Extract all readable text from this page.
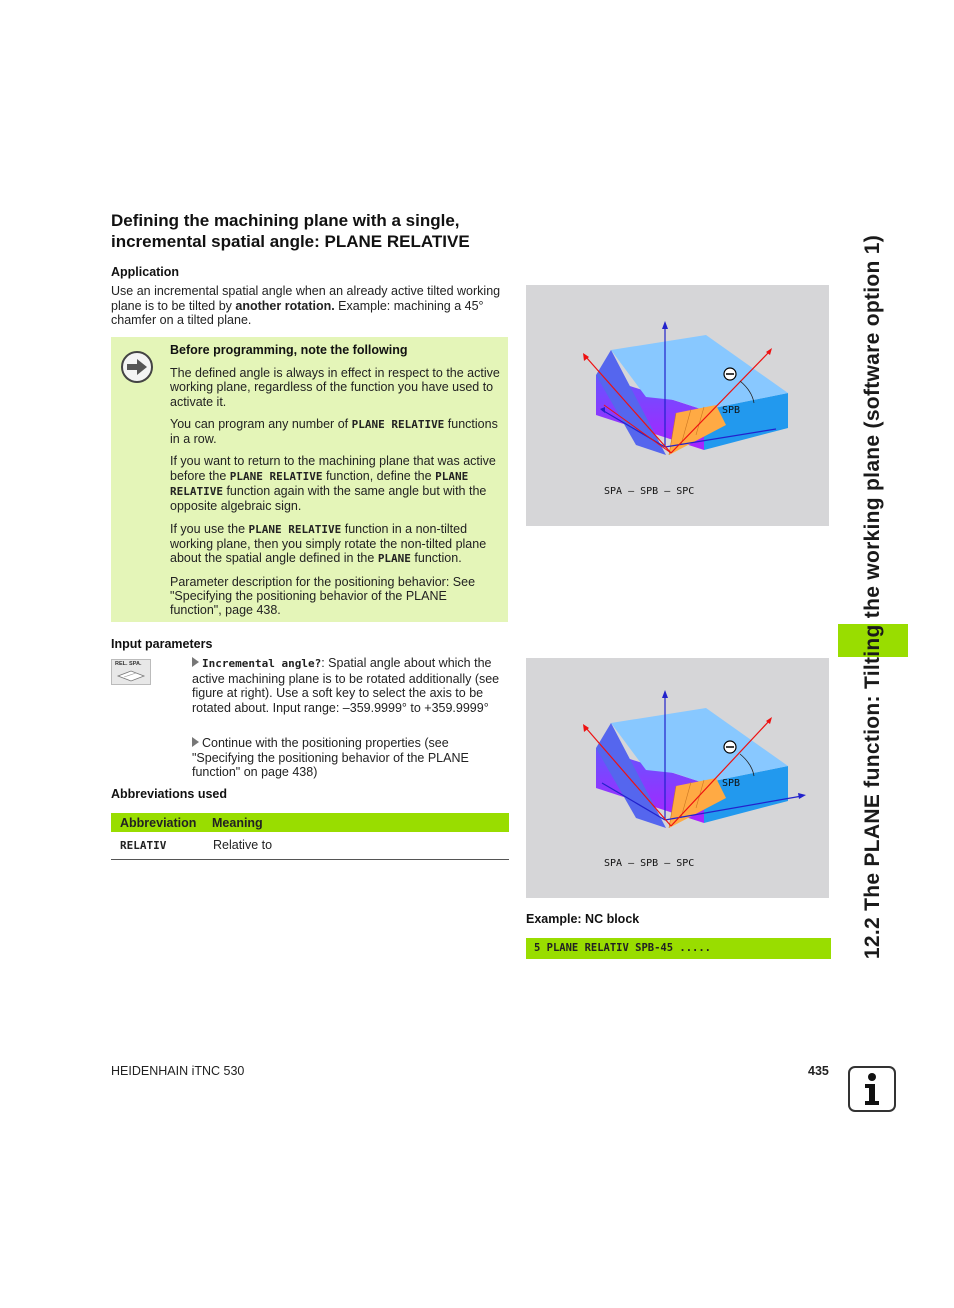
Defining the machining plane with a single,
incremental spatial angle: PLANE RELATIVE
Application
Use an incremental spatial angle when an already active tilted working plane is to be tilted by another rotation. Example: machining a 45° chamfer on a tilted plane.
Before programming, note the following

The defined angle is always in effect in respect to the active working plane, regardless of the function you have used to activate it.

You can program any number of PLANE RELATIVE functions in a row.

If you want to return to the machining plane that was active before the PLANE RELATIVE function, define the PLANE RELATIVE function again with the same angle but with the opposite algebraic sign.

If you use the PLANE RELATIVE function in a non-tilted working plane, then you simply rotate the non-tilted plane about the spatial angle defined in the PLANE function.

Parameter description for the positioning behavior: See "Specifying the positioning behavior of the PLANE function", page 438.

Input parameters
REL. SPA.	Incremental angle?: Spatial angle about which the active machining plane is to be rotated additionally (see figure at right). Use a soft key to select the axis to be rotated about. Input range: –359.9999° to +359.9999°
Continue with the positioning properties (see "Specifying the positioning behavior of the PLANE function" on page 438)
Abbreviations used
Abbreviation	Meaning
RELATIV	Relative to
SPB
SPA – SPB – SPC
SPB
SPA – SPB – SPC
Example: NC block
5 PLANE RELATIV SPB-45 .....	12.2 The PLANE function: Tilting the working plane (software option 1)
HEIDENHAIN iTNC 530	435
